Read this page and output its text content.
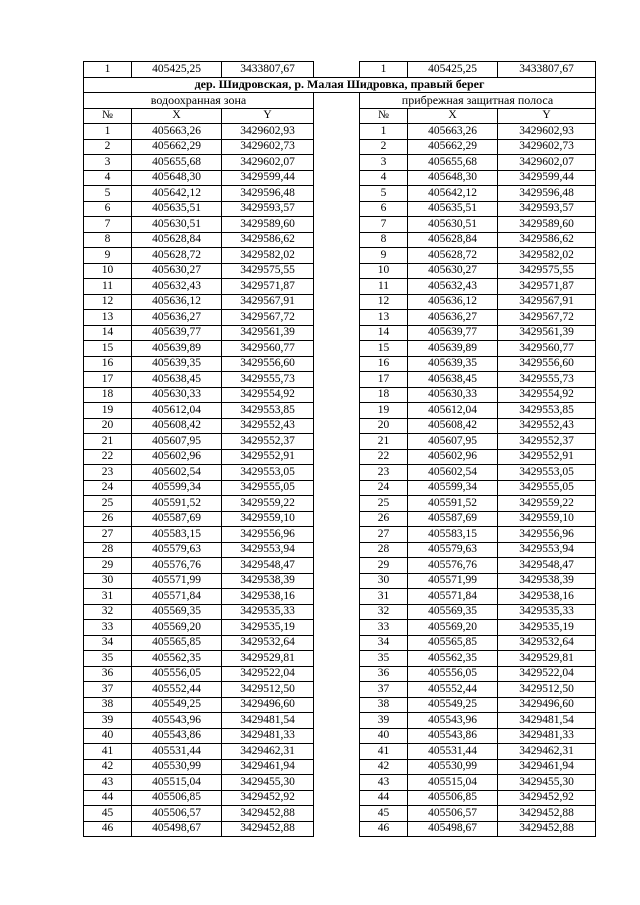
1	405425,25	3433807,67		1	405425,25	3433807,67
дер. Шидровская, р. Малая Шидровка, правый берег						
водоохранная зона				прибрежная защитная полоса		
№	X	Y		№	X	Y
1	405663,26	3429602,93		1	405663,26	3429602,93
2	405662,29	3429602,73		2	405662,29	3429602,73
3	405655,68	3429602,07		3	405655,68	3429602,07
4	405648,30	3429599,44		4	405648,30	3429599,44
5	405642,12	3429596,48		5	405642,12	3429596,48
6	405635,51	3429593,57		6	405635,51	3429593,57
7	405630,51	3429589,60		7	405630,51	3429589,60
8	405628,84	3429586,62		8	405628,84	3429586,62
9	405628,72	3429582,02		9	405628,72	3429582,02
10	405630,27	3429575,55		10	405630,27	3429575,55
11	405632,43	3429571,87		11	405632,43	3429571,87
12	405636,12	3429567,91		12	405636,12	3429567,91
13	405636,27	3429567,72		13	405636,27	3429567,72
14	405639,77	3429561,39		14	405639,77	3429561,39
15	405639,89	3429560,77		15	405639,89	3429560,77
16	405639,35	3429556,60		16	405639,35	3429556,60
17	405638,45	3429555,73		17	405638,45	3429555,73
18	405630,33	3429554,92		18	405630,33	3429554,92
19	405612,04	3429553,85		19	405612,04	3429553,85
20	405608,42	3429552,43		20	405608,42	3429552,43
21	405607,95	3429552,37		21	405607,95	3429552,37
22	405602,96	3429552,91		22	405602,96	3429552,91
23	405602,54	3429553,05		23	405602,54	3429553,05
24	405599,34	3429555,05		24	405599,34	3429555,05
25	405591,52	3429559,22		25	405591,52	3429559,22
26	405587,69	3429559,10		26	405587,69	3429559,10
27	405583,15	3429556,96		27	405583,15	3429556,96
28	405579,63	3429553,94		28	405579,63	3429553,94
29	405576,76	3429548,47		29	405576,76	3429548,47
30	405571,99	3429538,39		30	405571,99	3429538,39
31	405571,84	3429538,16		31	405571,84	3429538,16
32	405569,35	3429535,33		32	405569,35	3429535,33
33	405569,20	3429535,19		33	405569,20	3429535,19
34	405565,85	3429532,64		34	405565,85	3429532,64
35	405562,35	3429529,81		35	405562,35	3429529,81
36	405556,05	3429522,04		36	405556,05	3429522,04
37	405552,44	3429512,50		37	405552,44	3429512,50
38	405549,25	3429496,60		38	405549,25	3429496,60
39	405543,96	3429481,54		39	405543,96	3429481,54
40	405543,86	3429481,33		40	405543,86	3429481,33
41	405531,44	3429462,31		41	405531,44	3429462,31
42	405530,99	3429461,94		42	405530,99	3429461,94
43	405515,04	3429455,30		43	405515,04	3429455,30
44	405506,85	3429452,92		44	405506,85	3429452,92
45	405506,57	3429452,88		45	405506,57	3429452,88
46	405498,67	3429452,88		46	405498,67	3429452,88
